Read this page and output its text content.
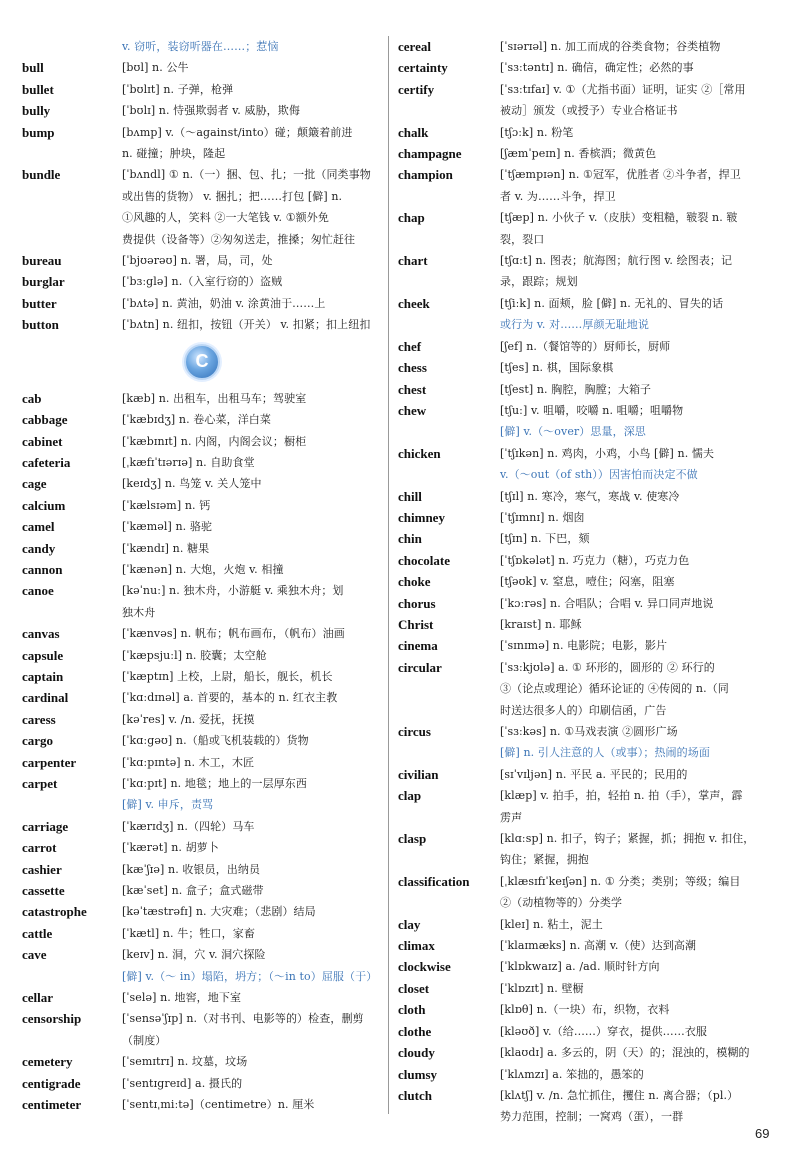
v. 窃听，装窃听器在……；惹恼
bull	[bʊl] n. 公牛
bullet	[ˈbʊlɪt] n. 子弹，枪弹
bully	[ˈbʊlɪ] n. 恃强欺弱者 v. 威胁，欺侮
bump	[bʌmp] v.（～against/into）碰；颠簸着前进
n. 碰撞；肿块，隆起
bundle	[ˈbʌndl] ① n.（一）捆、包、扎；一批（同类事物
或出售的货物） v. 捆扎；把……打包 [僻] n.
①风趣的人，笑料 ②一大笔钱 v. ①额外免
费提供（设备等）②匆匆送走，推搡；匆忙赶往
bureau	[ˈbjʊərəʊ] n. 署，局，司，处
burglar	[ˈbɜːglə] n.（入室行窃的）盗贼
butter	[ˈbʌtə] n. 黄油，奶油 v. 涂黄油于……上
button	[ˈbʌtn] n. 纽扣，按钮（开关） v. 扣紧；扣上纽扣
C
cab	[kæb] n. 出租车，出租马车；驾驶室
cabbage	[ˈkæbɪdʒ] n. 卷心菜，洋白菜
cabinet	[ˈkæbɪnɪt] n. 内阁，内阁会议；橱柜
cafeteria	[ˌkæfɪˈtɪərɪə] n. 自助食堂
cage	[keɪdʒ] n. 鸟笼 v. 关人笼中
calcium	[ˈkælsɪəm] n. 钙
camel	[ˈkæməl] n. 骆驼
candy	[ˈkændɪ] n. 糖果
cannon	[ˈkænən] n. 大炮，火炮 v. 相撞
canoe	[kəˈnuː] n. 独木舟，小游艇 v. 乘独木舟；划
独木舟
canvas	[ˈkænvəs] n. 帆布；帆布画布，（帆布）油画
capsule	[ˈkæpsjuːl] n. 胶囊；太空舱
captain	[ˈkæptɪn] 上校，上尉，船长，舰长，机长
cardinal	[ˈkɑːdɪnəl] a. 首要的，基本的 n. 红衣主教
caress	[kəˈres] v. /n. 爱抚，抚摸
cargo	[ˈkɑːgəʊ] n.（船或飞机装载的）货物
carpenter	[ˈkɑːpɪntə] n. 木工，木匠
carpet	[ˈkɑːpɪt] n. 地毯；地上的一层厚东西
[僻] v. 申斥，责骂
carriage	[ˈkærɪdʒ] n.（四轮）马车
carrot	[ˈkærət] n. 胡萝卜
cashier	[kæˈʃɪə] n. 收银员，出纳员
cassette	[kæˈset] n. 盒子；盒式磁带
catastrophe	[kəˈtæstrəfɪ] n. 大灾难；（悲剧）结局
cattle	[ˈkætl] n. 牛；牲口，家畜
cave	[keɪv] n. 洞，穴 v. 洞穴探险
[僻] v.（～ in）塌陷，坍方；（～in to）屈服（于）
cellar	[ˈselə] n. 地窖，地下室
censorship	[ˈsensəˈʃɪp] n.（对书刊、电影等的）检查，删剪
（制度）
cemetery	[ˈsemɪtrɪ] n. 坟墓，坟场
centigrade	[ˈsentɪgreɪd] a. 摄氏的
centimeter	[ˈsentɪˌmiːtə]（centimetre）n. 厘米
cereal	[ˈsɪərɪəl] n. 加工而成的谷类食物；谷类植物
certainty	[ˈsɜːtəntɪ] n. 确信，确定性；必然的事
certify	[ˈsɜːtɪfaɪ] v. ①（尤指书面）证明，证实 ②［常用
被动］颁发（或授予）专业合格证书
chalk	[tʃɔːk] n. 粉笔
champagne	[ʃæmˈpeɪn] n. 香槟酒；微黄色
champion	[ˈtʃæmpɪən] n. ①冠军，优胜者 ②斗争者，捍卫
者 v. 为……斗争，捍卫
chap	[tʃæp] n. 小伙子 v.（皮肤）变粗糙，皲裂 n. 皲
裂，裂口
chart	[tʃɑːt] n. 图表；航海图；航行图 v. 绘图表；记
录，跟踪；规划
cheek	[tʃiːk] n. 面颊，脸 [僻] n. 无礼的、冒失的话
或行为 v. 对……厚颜无耻地说
chef	[ʃef] n.（餐馆等的）厨师长，厨师
chess	[tʃes] n. 棋，国际象棋
chest	[tʃest] n. 胸腔，胸膛；大箱子
chew	[tʃuː] v. 咀嚼，咬嚼 n. 咀嚼；咀嚼物
[僻] v.（～over）思量，深思
chicken	[ˈtʃɪkən] n. 鸡肉，小鸡，小鸟 [僻] n. 懦夫
v.（～out（of sth））因害怕而决定不做
chill	[tʃɪl] n. 寒冷，寒气，寒战 v. 使寒冷
chimney	[ˈtʃɪmnɪ] n. 烟囱
chin	[tʃɪn] n. 下巴，颏
chocolate	[ˈtʃɒkələt] n. 巧克力（糖），巧克力色
choke	[tʃəʊk] v. 窒息，噎住；闷塞，阻塞
chorus	[ˈkɔːrəs] n. 合唱队；合唱 v. 异口同声地说
Christ	[kraɪst] n. 耶稣
cinema	[ˈsɪnɪmə] n. 电影院；电影，影片
circular	[ˈsɜːkjʊlə] a. ① 环形的，圆形的 ② 环行的
③（论点或理论）循环论证的 ④传阅的 n.（同
时送达很多人的）印刷信函，广告
circus	[ˈsɜːkəs] n. ①马戏表演 ②圆形广场
[僻] n. 引人注意的人（或事）；热闹的场面
civilian	[sɪˈvɪljən] n. 平民 a. 平民的；民用的
clap	[klæp] v. 拍手，拍，轻拍 n. 拍（手），掌声，霹
雳声
clasp	[klɑːsp] n. 扣子，钩子；紧握，抓；拥抱 v. 扣住，
钩住；紧握，拥抱
classification	[ˌklæsɪfɪˈkeɪʃən] n. ① 分类；类别；等级；编目
②（动植物等的）分类学
clay	[kleɪ] n. 粘土，泥土
climax	[ˈklaɪmæks] n. 高潮 v.（使）达到高潮
clockwise	[ˈklɒkwaɪz] a. /ad. 顺时针方向
closet	[ˈklɒzɪt] n. 壁橱
cloth	[klɒθ] n.（一块）布，织物，衣料
clothe	[kləʊð] v.（给……）穿衣，提供……衣服
cloudy	[klaʊdɪ] a. 多云的，阴（天）的；混浊的，模糊的
clumsy	[ˈklʌmzɪ] a. 笨拙的，愚笨的
clutch	[klʌtʃ] v. /n. 急忙抓住，攫住 n. 离合器；（pl.）
势力范围，控制；一窝鸡（蛋），一群
69
